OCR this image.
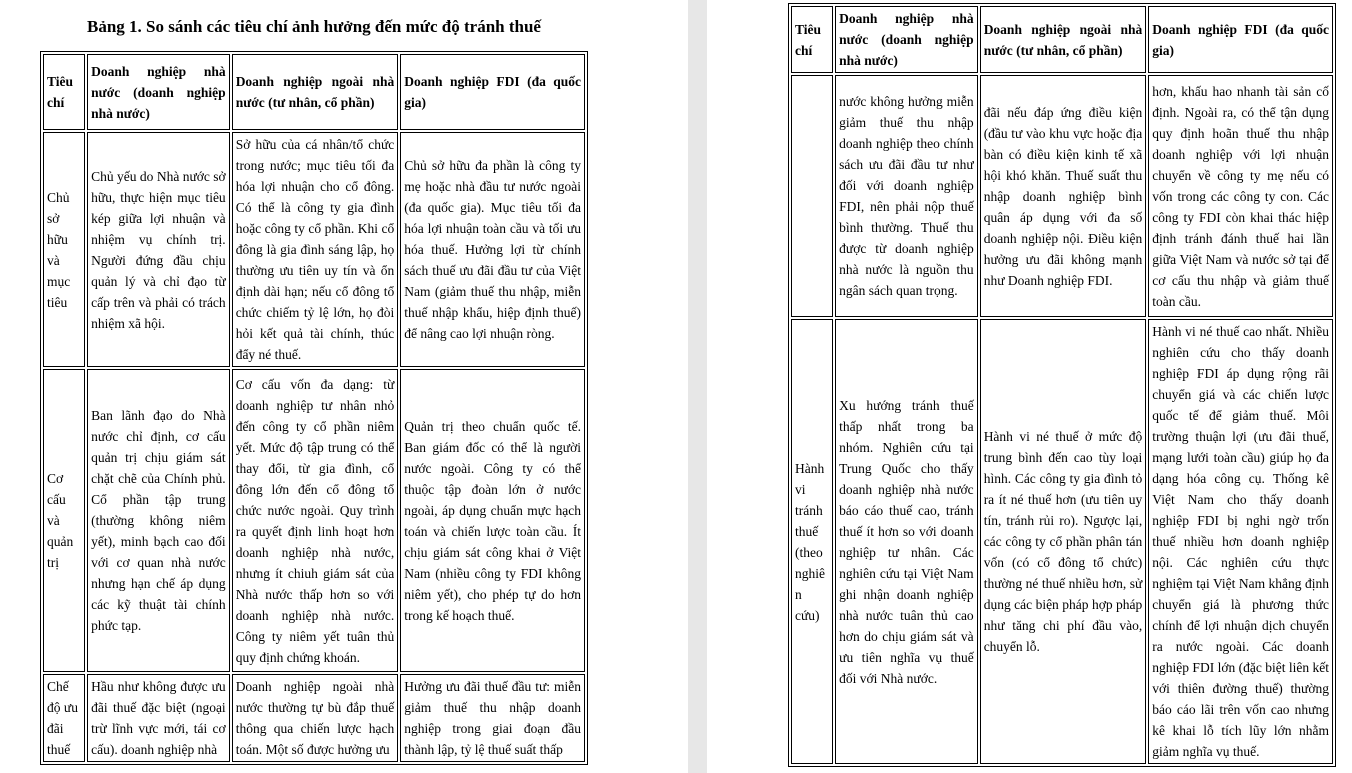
Bảng 1. So sánh các tiêu chí ảnh hưởng đến mức độ tránh thuế
Tiêu chí	Doanh nghiệp nhà nước (doanh nghiệp nhà nước)	Doanh nghiệp ngoài nhà nước (tư nhân, cổ phần)	Doanh nghiệp FDI (đa quốc gia)
Chủ sở hữu và mục tiêu	Chủ yếu do Nhà nước sở hữu, thực hiện mục tiêu kép giữa lợi nhuận và nhiệm vụ chính trị. Người đứng đầu chịu quản lý và chỉ đạo từ cấp trên và phải có trách nhiệm xã hội.	Sở hữu của cá nhân/tổ chức trong nước; mục tiêu tối đa hóa lợi nhuận cho cổ đông. Có thể là công ty gia đình hoặc công ty cổ phần. Khi cổ đông là gia đình sáng lập, họ thường ưu tiên uy tín và ổn định dài hạn; nếu cổ đông tổ chức chiếm tỷ lệ lớn, họ đòi hỏi kết quả tài chính, thúc đẩy né thuế.	Chủ sở hữu đa phần là công ty mẹ hoặc nhà đầu tư nước ngoài (đa quốc gia). Mục tiêu tối đa hóa lợi nhuận toàn cầu và tối ưu hóa thuế. Hưởng lợi từ chính sách thuế ưu đãi đầu tư của Việt Nam (giảm thuế thu nhập, miễn thuế nhập khẩu, hiệp định thuế) để nâng cao lợi nhuận ròng.
Cơ cấu và quản trị	Ban lãnh đạo do Nhà nước chỉ định, cơ cấu quản trị chịu giám sát chặt chẽ của Chính phủ. Cổ phần tập trung (thường không niêm yết), minh bạch cao đối với cơ quan nhà nước nhưng hạn chế áp dụng các kỹ thuật tài chính phức tạp.	Cơ cấu vốn đa dạng: từ doanh nghiệp tư nhân nhỏ đến công ty cổ phần niêm yết. Mức độ tập trung có thể thay đổi, từ gia đình, cổ đông lớn đến cổ đông tổ chức nước ngoài. Quy trình ra quyết định linh hoạt hơn doanh nghiệp nhà nước, nhưng ít chiuh giám sát của Nhà nước thấp hơn so với doanh nghiệp nhà nước. Công ty niêm yết tuân thủ quy định chứng khoán.	Quản trị theo chuẩn quốc tế. Ban giám đốc có thể là người nước ngoài. Công ty có thể thuộc tập đoàn lớn ở nước ngoài, áp dụng chuẩn mực hạch toán và chiến lược toàn cầu. Ít chịu giám sát công khai ở Việt Nam (nhiều công ty FDI không niêm yết), cho phép tự do hơn trong kế hoạch thuế.
Chế độ ưu đãi thuế	Hầu như không được ưu đãi thuế đặc biệt (ngoại trừ lĩnh vực mới, tái cơ cấu). doanh nghiệp nhà	Doanh nghiệp ngoài nhà nước thường tự bù đắp thuế thông qua chiến lược hạch toán. Một số được hưởng ưu	Hưởng ưu đãi thuế đầu tư: miễn giảm thuế thu nhập doanh nghiệp trong giai đoạn đầu thành lập, tỷ lệ thuế suất thấp
Tiêu chí	Doanh nghiệp nhà nước (doanh nghiệp nhà nước)	Doanh nghiệp ngoài nhà nước (tư nhân, cổ phần)	Doanh nghiệp FDI (đa quốc gia)
	nước không hưởng miễn giảm thuế thu nhập doanh nghiệp theo chính sách ưu đãi đầu tư như đối với doanh nghiệp FDI, nên phải nộp thuế bình thường. Thuế thu được từ doanh nghiệp nhà nước là nguồn thu ngân sách quan trọng.	đãi nếu đáp ứng điều kiện (đầu tư vào khu vực hoặc địa bàn có điều kiện kinh tế xã hội khó khăn. Thuế suất thu nhập doanh nghiệp bình quân áp dụng với đa số doanh nghiệp nội. Điều kiện hưởng ưu đãi không mạnh như Doanh nghiệp FDI.	hơn, khấu hao nhanh tài sản cố định. Ngoài ra, có thể tận dụng quy định hoãn thuế thu nhập doanh nghiệp với lợi nhuận chuyển về công ty mẹ nếu có vốn trong các công ty con. Các công ty FDI còn khai thác hiệp định tránh đánh thuế hai lần giữa Việt Nam và nước sở tại để cơ cấu thu nhập và giảm thuế toàn cầu.
Hành vi tránh thuế (theo nghiên cứu)	Xu hướng tránh thuế thấp nhất trong ba nhóm. Nghiên cứu tại Trung Quốc cho thấy doanh nghiệp nhà nước báo cáo thuế cao, tránh thuế ít hơn so với doanh nghiệp tư nhân. Các nghiên cứu tại Việt Nam ghi nhận doanh nghiệp nhà nước tuân thủ cao hơn do chịu giám sát và ưu tiên nghĩa vụ thuế đối với Nhà nước.	Hành vi né thuế ở mức độ trung bình đến cao tùy loại hình. Các công ty gia đình tỏ ra ít né thuế hơn (ưu tiên uy tín, tránh rủi ro). Ngược lại, các công ty cổ phần phân tán vốn (có cổ đông tổ chức) thường né thuế nhiều hơn, sử dụng các biện pháp hợp pháp như tăng chi phí đầu vào, chuyển lỗ.	Hành vi né thuế cao nhất. Nhiều nghiên cứu cho thấy doanh nghiệp FDI áp dụng rộng rãi chuyển giá và các chiến lược quốc tế để giảm thuế. Môi trường thuận lợi (ưu đãi thuế, mạng lưới toàn cầu) giúp họ đa dạng hóa công cụ. Thống kê Việt Nam cho thấy doanh nghiệp FDI bị nghi ngờ trốn thuế nhiều hơn doanh nghiệp nội. Các nghiên cứu thực nghiệm tại Việt Nam khẳng định chuyển giá là phương thức chính để lợi nhuận dịch chuyển ra nước ngoài. Các doanh nghiệp FDI lớn (đặc biệt liên kết với thiên đường thuế) thường báo cáo lãi trên vốn cao nhưng kê khai lỗ tích lũy lớn nhằm giảm nghĩa vụ thuế.
